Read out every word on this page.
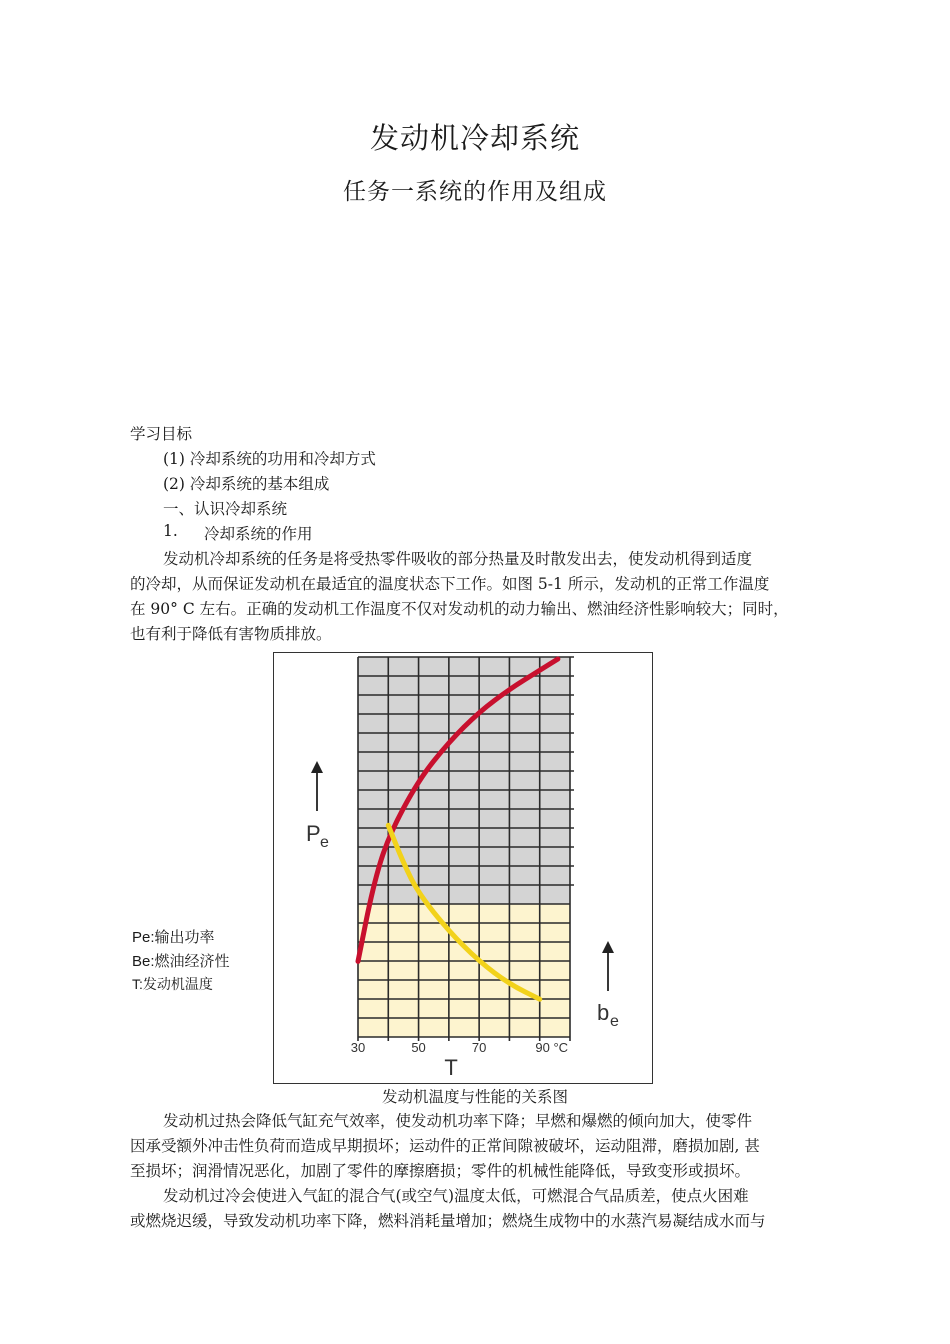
发动机冷却系统
任务一系统的作用及组成
学习目标
(1) 冷却系统的功用和冷却方式
(2) 冷却系统的基本组成
一、认识冷却系统
1. 冷却系统的作用
发动机冷却系统的任务是将受热零件吸收的部分热量及时散发出去，使发动机得到适度
的冷却，从而保证发动机在最适宜的温度状态下工作。如图 5-1 所示，发动机的正常工作温度
在 90° C 左右。正确的发动机工作温度不仅对发动机的动力输出、燃油经济性影响较大；同时，
也有利于降低有害物质排放。
30	50	70	90 °C
T
P e
b e
Pe:输出功率
Be:燃油经济性
T:发动机温度
发动机温度与性能的关系图
发动机过热会降低气缸充气效率，使发动机功率下降；早燃和爆燃的倾向加大，使零件
因承受额外冲击性负荷而造成早期损坏；运动件的正常间隙被破坏，运动阻滞，磨损加剧, 甚
至损坏；润滑情况恶化，加剧了零件的摩擦磨损；零件的机械性能降低，导致变形或损坏。
发动机过冷会使进入气缸的混合气(或空气)温度太低，可燃混合气品质差，使点火困难
或燃烧迟缓，导致发动机功率下降，燃料消耗量增加；燃烧生成物中的水蒸汽易凝结成水而与
